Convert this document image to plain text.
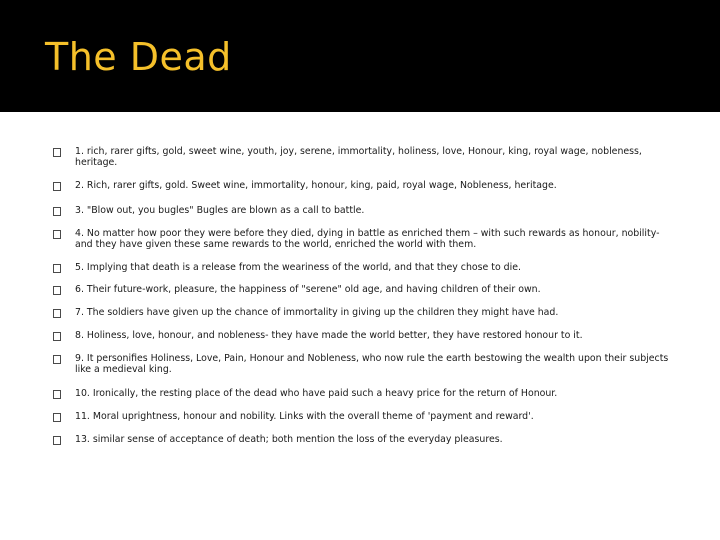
The Dead
1. rich, rarer gifts, gold, sweet wine, youth, joy, serene, immortality, holiness, love, Honour, king, royal wage, nobleness, heritage.
2. Rich, rarer gifts, gold. Sweet wine, immortality, honour, king, paid, royal wage, Nobleness, heritage.
3. "Blow out, you bugles" Bugles are blown as a call to battle.
4. No matter how poor they were before they died, dying in battle as enriched them – with such rewards as honour, nobility- and they have given these same rewards to the world, enriched the world with them.
5. Implying that death is a release from the weariness of the world, and that they chose to die.
6. Their future-work, pleasure, the happiness of "serene" old age, and having children of their own.
7. The soldiers have given up the chance of immortality in giving up the children they might have had.
8. Holiness, love, honour, and nobleness- they have made the world better, they have restored honour to it.
9. It personifies Holiness, Love, Pain, Honour and Nobleness, who now rule the earth bestowing the wealth upon their subjects like a medieval king.
10. Ironically, the resting place of the dead who have paid such a heavy price for the return of Honour.
11. Moral uprightness, honour and nobility. Links with the overall theme of 'payment and reward'.
13. similar sense of acceptance of death; both mention the loss of the everyday pleasures.
